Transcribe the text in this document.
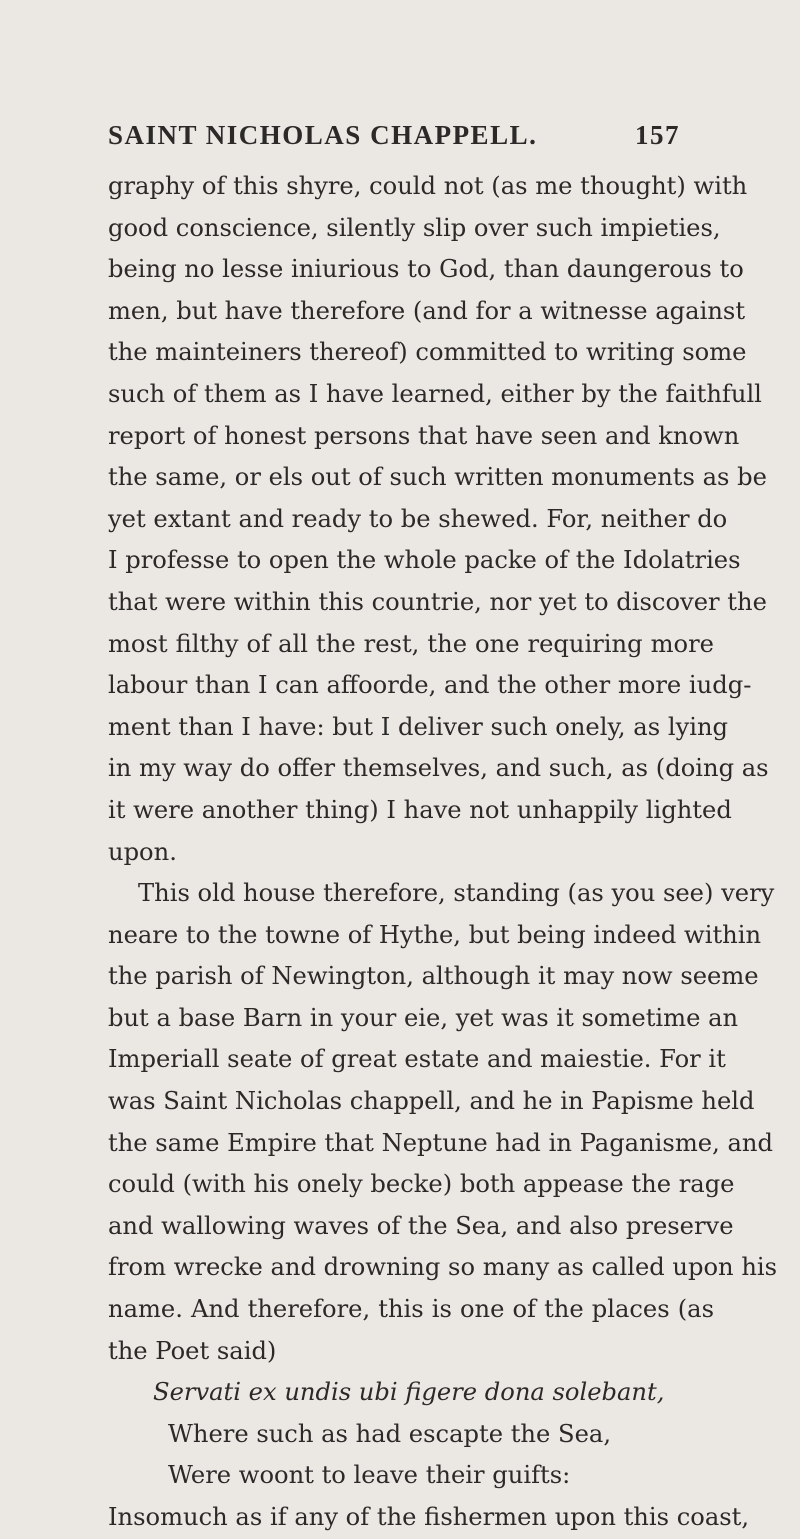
SAINT NICHOLAS CHAPPELL.	157
graphy of this shyre, could not (as me thought) with
good conscience, silently slip over such impieties,
being no lesse iniurious to God, than daungerous to
men, but have therefore (and for a witnesse against
the mainteiners thereof) committed to writing some
such of them as I have learned, either by the faithfull
report of honest persons that have seen and known
the same, or els out of such written monuments as be
yet extant and ready to be shewed. For, neither do
I professe to open the whole packe of the Idolatries
that were within this countrie, nor yet to discover the
most filthy of all the rest, the one requiring more
labour than I can affoorde, and the other more iudg-
ment than I have: but I deliver such onely, as lying
in my way do offer themselves, and such, as (doing as
it were another thing) I have not unhappily lighted
upon.
This old house therefore, standing (as you see) very
neare to the towne of Hythe, but being indeed within
the parish of Newington, although it may now seeme
but a base Barn in your eie, yet was it sometime an
Imperiall seate of great estate and maiestie. For it
was Saint Nicholas chappell, and he in Papisme held
the same Empire that Neptune had in Paganisme, and
could (with his onely becke) both appease the rage
and wallowing waves of the Sea, and also preserve
from wrecke and drowning so many as called upon his
name. And therefore, this is one of the places (as
the Poet said)
Servati ex undis ubi figere dona solebant,
Where such as had escapte the Sea,
Were woont to leave their guifts:
Insomuch as if any of the fishermen upon this coast,
